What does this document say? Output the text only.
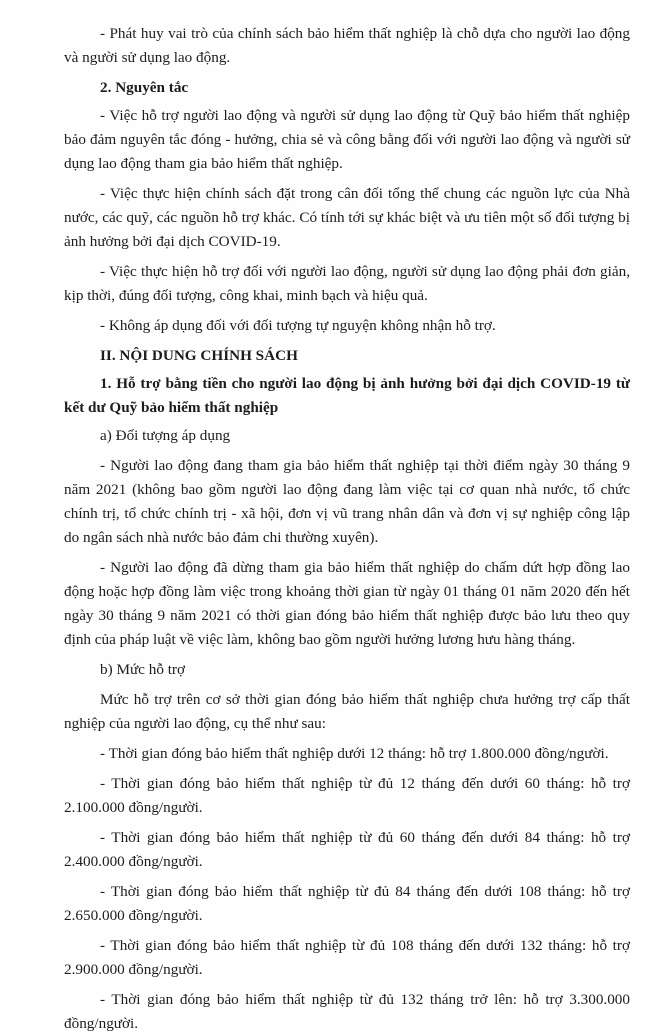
- Phát huy vai trò của chính sách bảo hiểm thất nghiệp là chỗ dựa cho người lao động và người sử dụng lao động.

2. Nguyên tắc

- Việc hỗ trợ người lao động và người sử dụng lao động từ Quỹ bảo hiểm thất nghiệp bảo đảm nguyên tắc đóng - hưởng, chia sẻ và công bằng đối với người lao động và người sử dụng lao động tham gia bảo hiểm thất nghiệp.

- Việc thực hiện chính sách đặt trong cân đối tổng thể chung các nguồn lực của Nhà nước, các quỹ, các nguồn hỗ trợ khác. Có tính tới sự khác biệt và ưu tiên một số đối tượng bị ảnh hưởng bởi đại dịch COVID-19.

- Việc thực hiện hỗ trợ đối với người lao động, người sử dụng lao động phải đơn giản, kịp thời, đúng đối tượng, công khai, minh bạch và hiệu quả.

- Không áp dụng đối với đối tượng tự nguyện không nhận hỗ trợ.

II. NỘI DUNG CHÍNH SÁCH

1. Hỗ trợ bằng tiền cho người lao động bị ảnh hưởng bởi đại dịch COVID-19 từ kết dư Quỹ bảo hiểm thất nghiệp

a) Đối tượng áp dụng

- Người lao động đang tham gia bảo hiểm thất nghiệp tại thời điểm ngày 30 tháng 9 năm 2021 (không bao gồm người lao động đang làm việc tại cơ quan nhà nước, tổ chức chính trị, tổ chức chính trị - xã hội, đơn vị vũ trang nhân dân và đơn vị sự nghiệp công lập do ngân sách nhà nước bảo đảm chi thường xuyên).

- Người lao động đã dừng tham gia bảo hiểm thất nghiệp do chấm dứt hợp đồng lao động hoặc hợp đồng làm việc trong khoảng thời gian từ ngày 01 tháng 01 năm 2020 đến hết ngày 30 tháng 9 năm 2021 có thời gian đóng bảo hiểm thất nghiệp được bảo lưu theo quy định của pháp luật về việc làm, không bao gồm người hưởng lương hưu hàng tháng.

b) Mức hỗ trợ

Mức hỗ trợ trên cơ sở thời gian đóng bảo hiểm thất nghiệp chưa hưởng trợ cấp thất nghiệp của người lao động, cụ thể như sau:

- Thời gian đóng bảo hiểm thất nghiệp dưới 12 tháng: hỗ trợ 1.800.000 đồng/người.

- Thời gian đóng bảo hiểm thất nghiệp từ đủ 12 tháng đến dưới 60 tháng: hỗ trợ 2.100.000 đồng/người.

- Thời gian đóng bảo hiểm thất nghiệp từ đủ 60 tháng đến dưới 84 tháng: hỗ trợ 2.400.000 đồng/người.

- Thời gian đóng bảo hiểm thất nghiệp từ đủ 84 tháng đến dưới 108 tháng: hỗ trợ 2.650.000 đồng/người.

- Thời gian đóng bảo hiểm thất nghiệp từ đủ 108 tháng đến dưới 132 tháng: hỗ trợ 2.900.000 đồng/người.

- Thời gian đóng bảo hiểm thất nghiệp từ đủ 132 tháng trở lên: hỗ trợ 3.300.000 đồng/người.
